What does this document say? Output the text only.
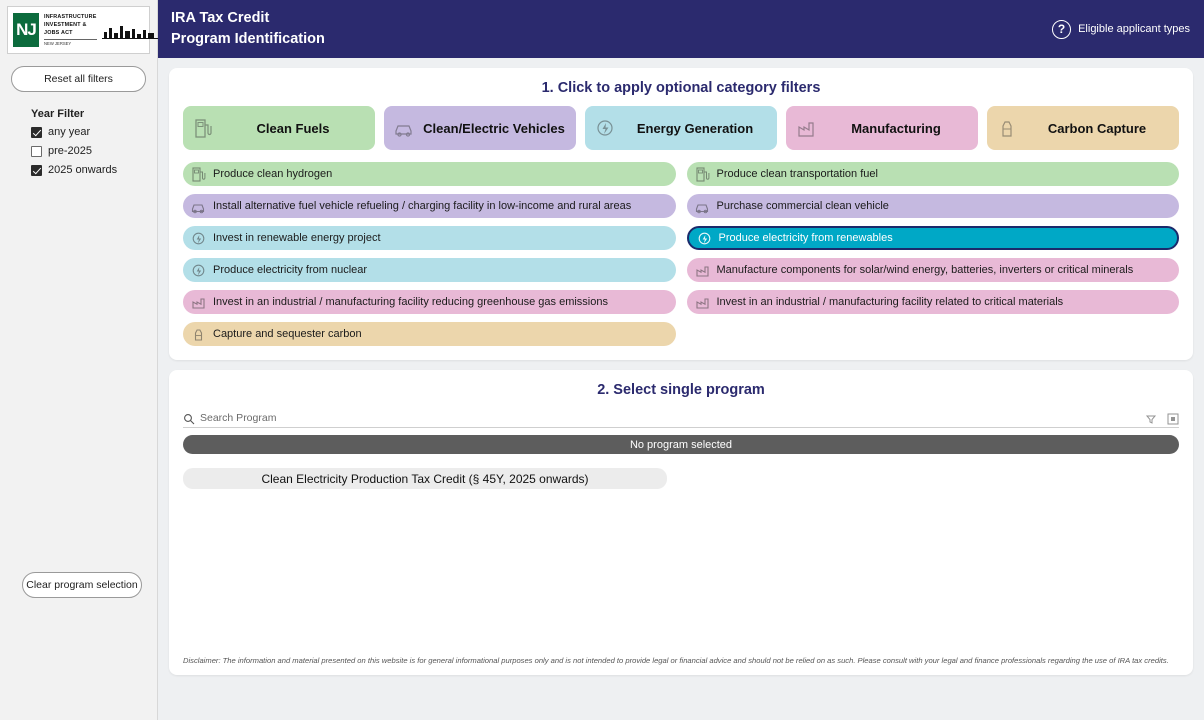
NJ
INFRASTRUCTURE
INVESTMENT &
JOBS ACT
NEW JERSEY
Reset all filters
Year Filter
any year
pre-2025
2025 onwards
Clear program selection
IRA Tax Credit
Program Identification
?	Eligible applicant types
1. Click to apply optional category filters
Clean Fuels	Clean/Electric Vehicles	Energy Generation	Manufacturing	Carbon Capture
Produce clean hydrogen	Produce clean transportation fuel
Install alternative fuel vehicle refueling / charging facility in low-income and rural areas	Purchase commercial clean vehicle
Invest in renewable energy project	Produce electricity from renewables
Produce electricity from nuclear	Manufacture components for solar/wind energy, batteries, inverters or critical minerals
Invest in an industrial / manufacturing facility reducing greenhouse gas emissions	Invest in an industrial / manufacturing facility related to critical materials
Capture and sequester carbon
2. Select single program
Search Program
No program selected
Clean Electricity Production Tax Credit (§ 45Y, 2025 onwards)
Disclaimer: The information and material presented on this website is for general informational purposes only and is not intended to provide legal or financial advice and should not be relied on as such. Please consult with your legal and finance professionals regarding the use of IRA tax credits.
